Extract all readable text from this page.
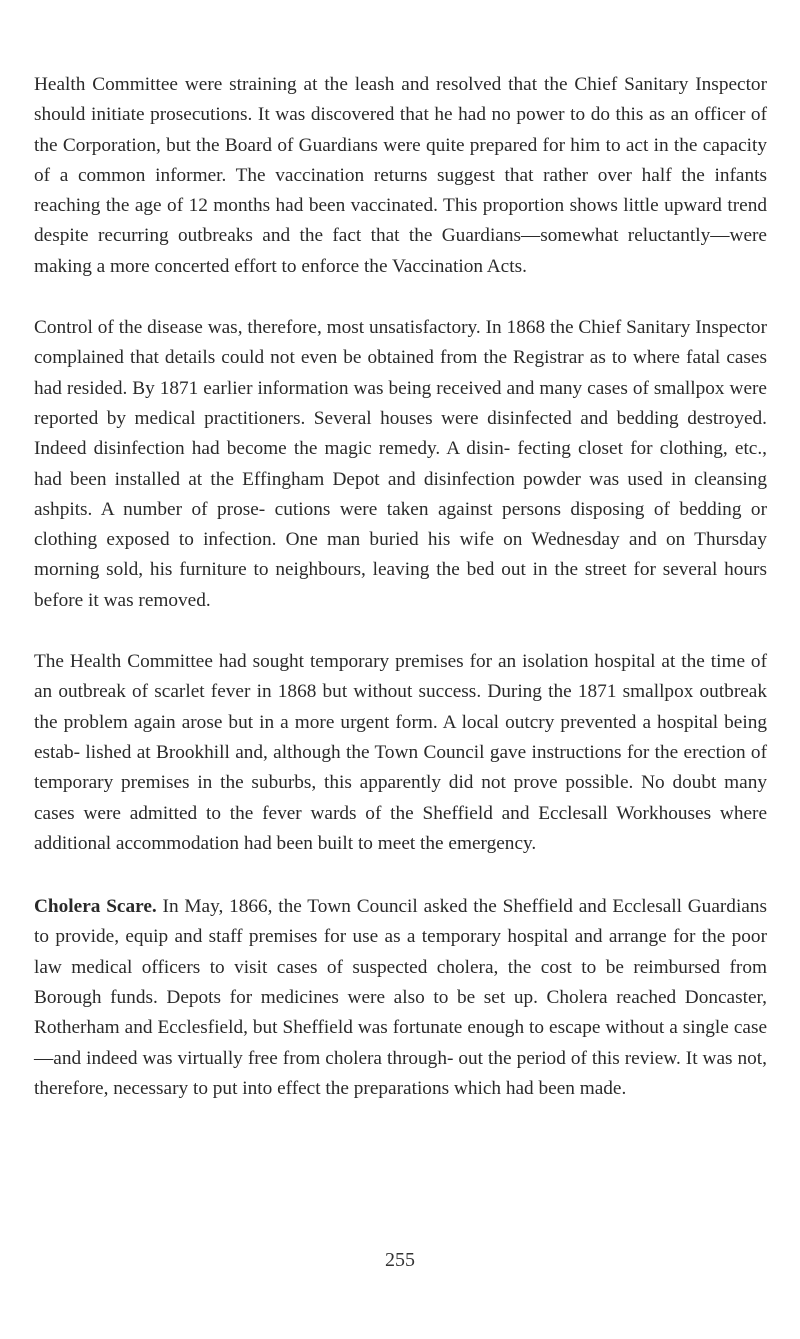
Health Committee were straining at the leash and resolved that the Chief Sanitary Inspector should initiate prosecutions. It was discovered that he had no power to do this as an officer of the Corporation, but the Board of Guardians were quite prepared for him to act in the capacity of a common informer. The vaccination returns suggest that rather over half the infants reaching the age of 12 months had been vaccinated. This proportion shows little upward trend despite recurring outbreaks and the fact that the Guardians—somewhat reluctantly—were making a more concerted effort to enforce the Vaccination Acts.

Control of the disease was, therefore, most unsatisfactory. In 1868 the Chief Sanitary Inspector complained that details could not even be obtained from the Registrar as to where fatal cases had resided. By 1871 earlier information was being received and many cases of smallpox were reported by medical practitioners. Several houses were disinfected and bedding destroyed. Indeed disinfection had become the magic remedy. A disin- fecting closet for clothing, etc., had been installed at the Effingham Depot and disinfection powder was used in cleansing ashpits. A number of prose- cutions were taken against persons disposing of bedding or clothing exposed to infection. One man buried his wife on Wednesday and on Thursday morning sold, his furniture to neighbours, leaving the bed out in the street for several hours before it was removed.

The Health Committee had sought temporary premises for an isolation hospital at the time of an outbreak of scarlet fever in 1868 but without success. During the 1871 smallpox outbreak the problem again arose but in a more urgent form. A local outcry prevented a hospital being estab- lished at Brookhill and, although the Town Council gave instructions for the erection of temporary premises in the suburbs, this apparently did not prove possible. No doubt many cases were admitted to the fever wards of the Sheffield and Ecclesall Workhouses where additional accommodation had been built to meet the emergency.

Cholera Scare. In May, 1866, the Town Council asked the Sheffield and Ecclesall Guardians to provide, equip and staff premises for use as a temporary hospital and arrange for the poor law medical officers to visit cases of suspected cholera, the cost to be reimbursed from Borough funds. Depots for medicines were also to be set up. Cholera reached Doncaster, Rotherham and Ecclesfield, but Sheffield was fortunate enough to escape without a single case—and indeed was virtually free from cholera through- out the period of this review. It was not, therefore, necessary to put into effect the preparations which had been made.

255
